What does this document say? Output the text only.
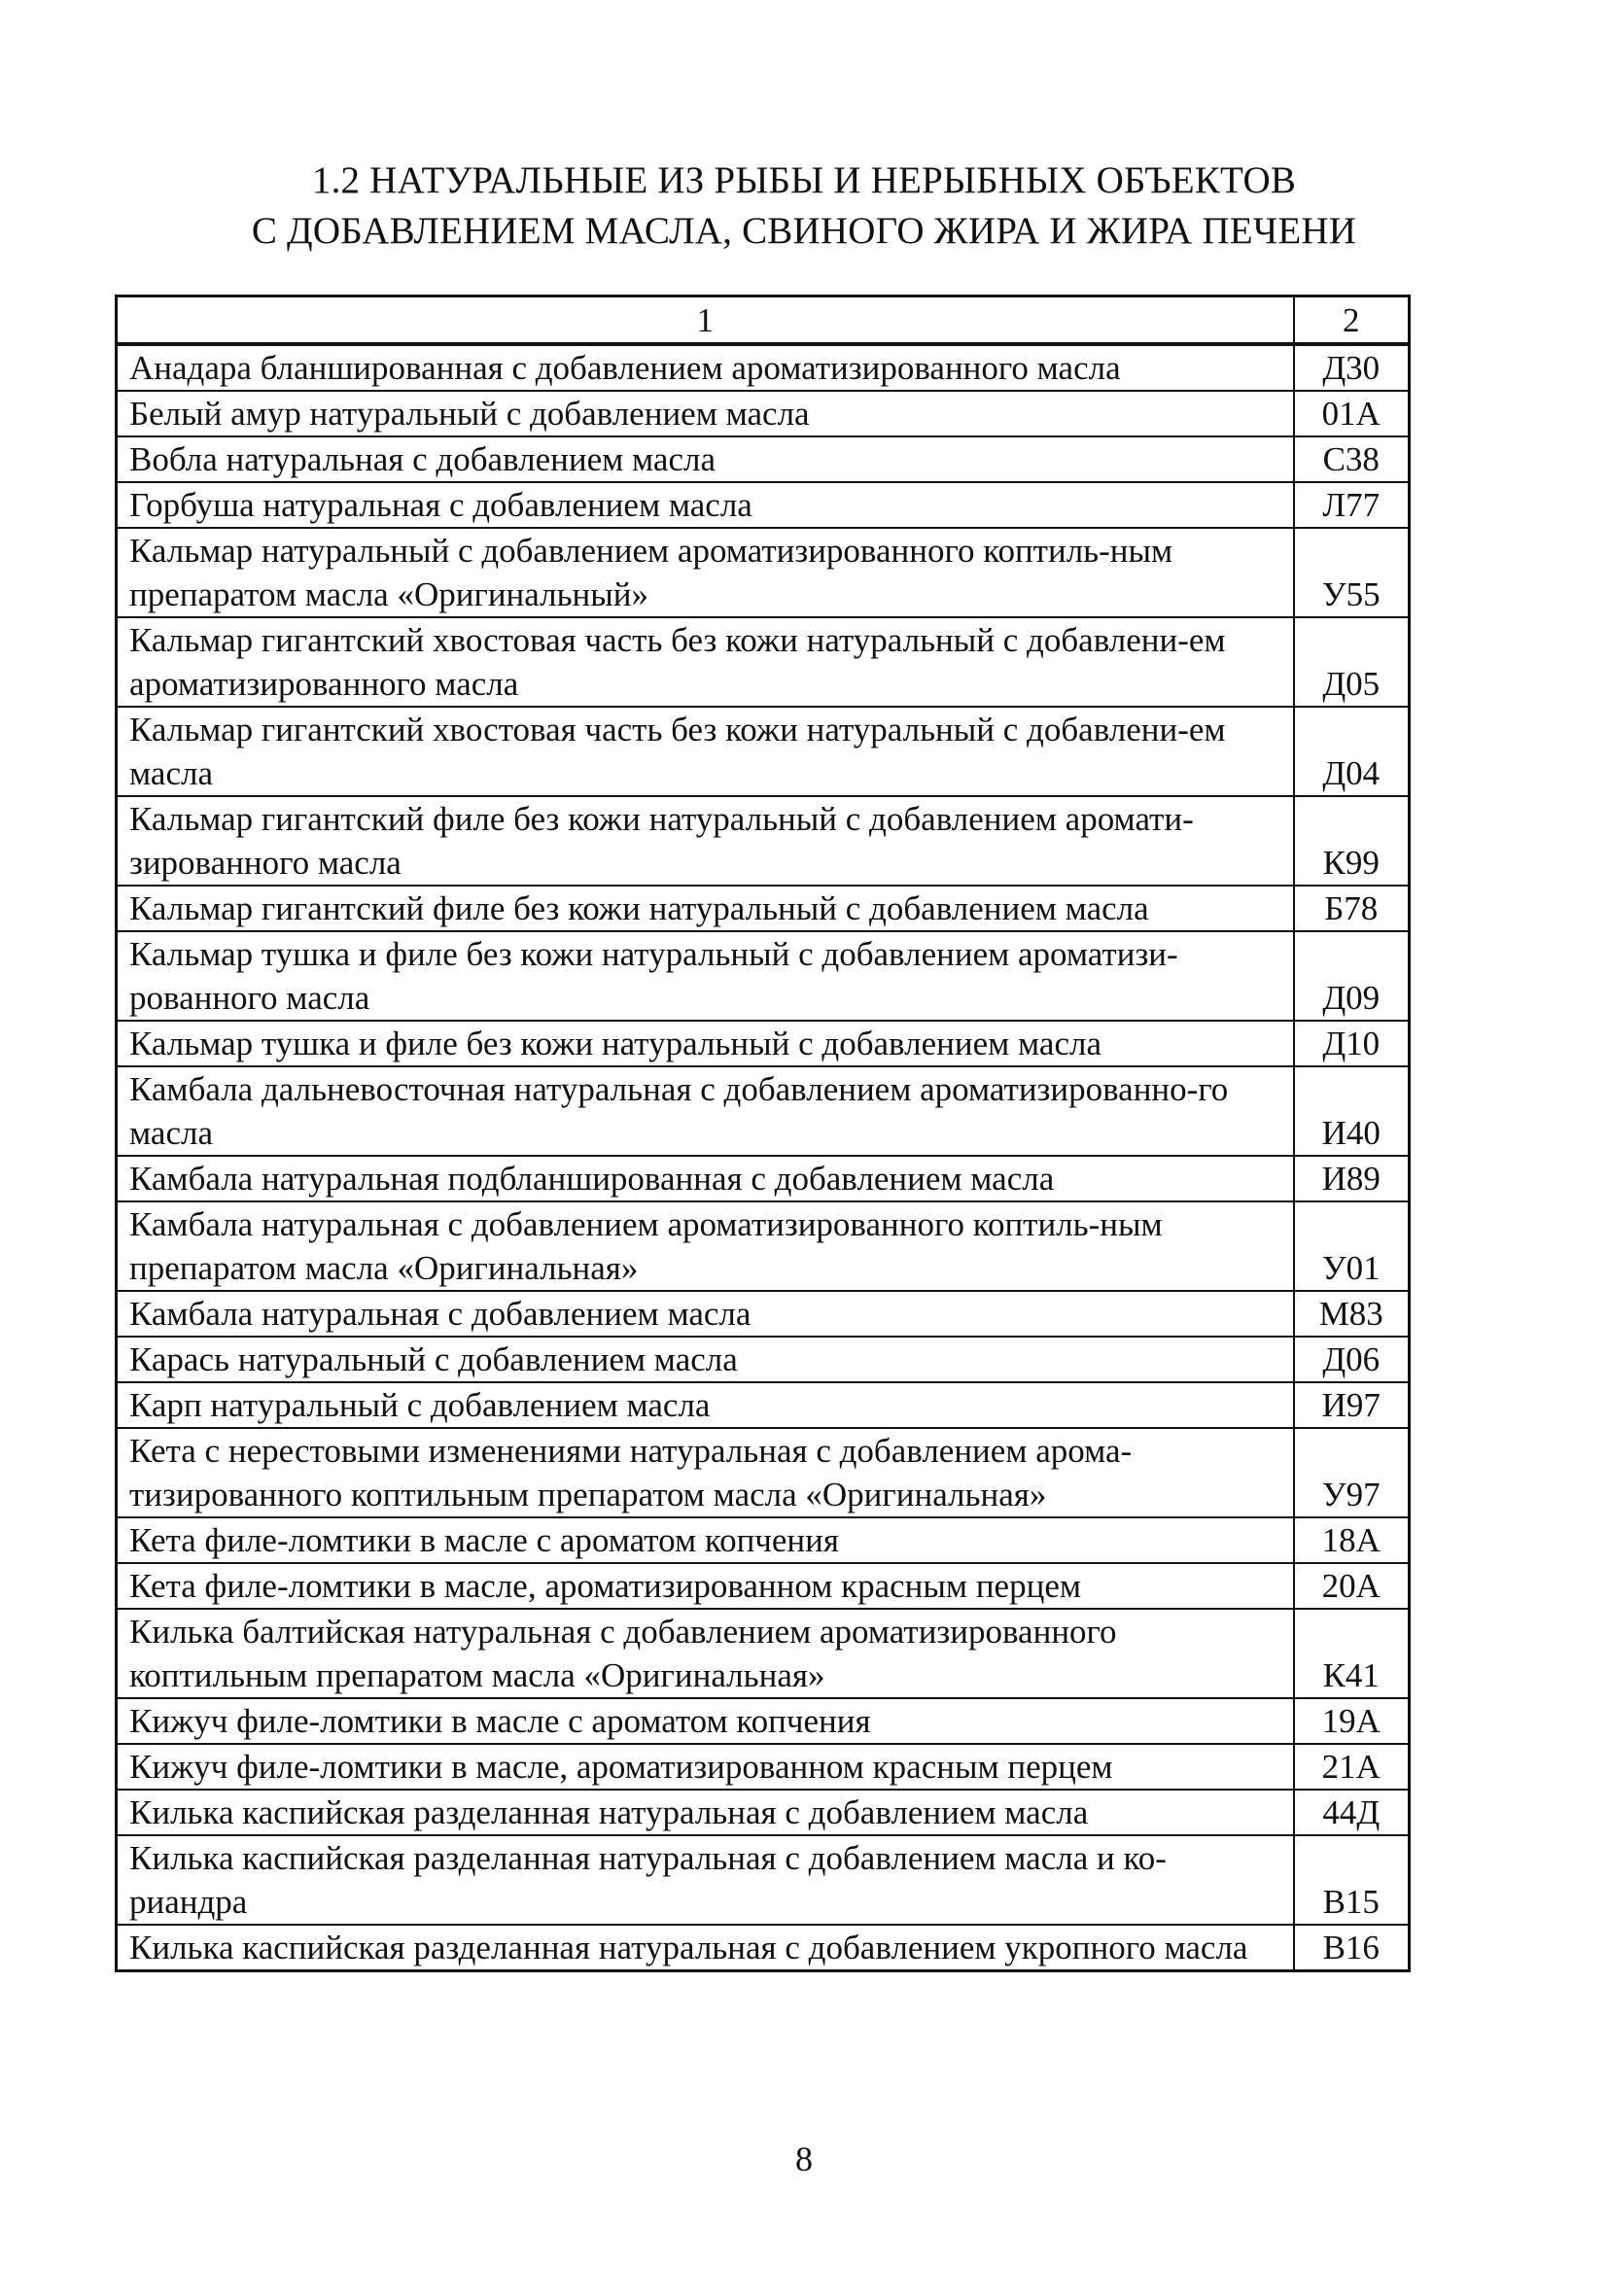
1.2 НАТУРАЛЬНЫЕ ИЗ РЫБЫ И НЕРЫБНЫХ ОБЪЕКТОВ
С ДОБАВЛЕНИЕМ МАСЛА, СВИНОГО ЖИРА И ЖИРА ПЕЧЕНИ
1	2
Анадара бланшированная с добавлением ароматизированного масла	Д30
Белый амур натуральный с добавлением масла	01А
Вобла натуральная с добавлением масла	С38
Горбуша натуральная с добавлением масла	Л77
Кальмар натуральный с добавлением ароматизированного коптиль-ным препаратом масла «Оригинальный»	У55
Кальмар гигантский хвостовая часть без кожи натуральный с добавлени-ем ароматизированного масла	Д05
Кальмар гигантский хвостовая часть без кожи натуральный с добавлени-ем масла	Д04
Кальмар гигантский филе без кожи натуральный с добавлением аромати-зированного масла	К99
Кальмар гигантский филе без кожи натуральный с добавлением масла	Б78
Кальмар тушка и филе без кожи натуральный с добавлением ароматизи-рованного масла	Д09
Кальмар тушка и филе без кожи натуральный с добавлением масла	Д10
Камбала дальневосточная натуральная с добавлением ароматизированно-го масла	И40
Камбала натуральная подбланшированная с добавлением масла	И89
Камбала натуральная с добавлением ароматизированного коптиль-ным препаратом масла «Оригинальная»	У01
Камбала натуральная с добавлением масла	М83
Карась натуральный с добавлением масла	Д06
Карп натуральный с добавлением масла	И97
Кета с нерестовыми изменениями натуральная с добавлением арома-тизированного коптильным препаратом масла «Оригинальная»	У97
Кета филе-ломтики в масле с ароматом копчения	18А
Кета филе-ломтики в масле, ароматизированном красным перцем	20А
Килька балтийская натуральная с добавлением ароматизированного коптильным препаратом масла «Оригинальная»	К41
Кижуч филе-ломтики в масле с ароматом копчения	19А
Кижуч филе-ломтики в масле, ароматизированном красным перцем	21А
Килька каспийская разделанная натуральная с добавлением масла	44Д
Килька каспийская разделанная натуральная с добавлением масла и ко-риандра	В15
Килька каспийская разделанная натуральная с добавлением укропного масла	В16
8
